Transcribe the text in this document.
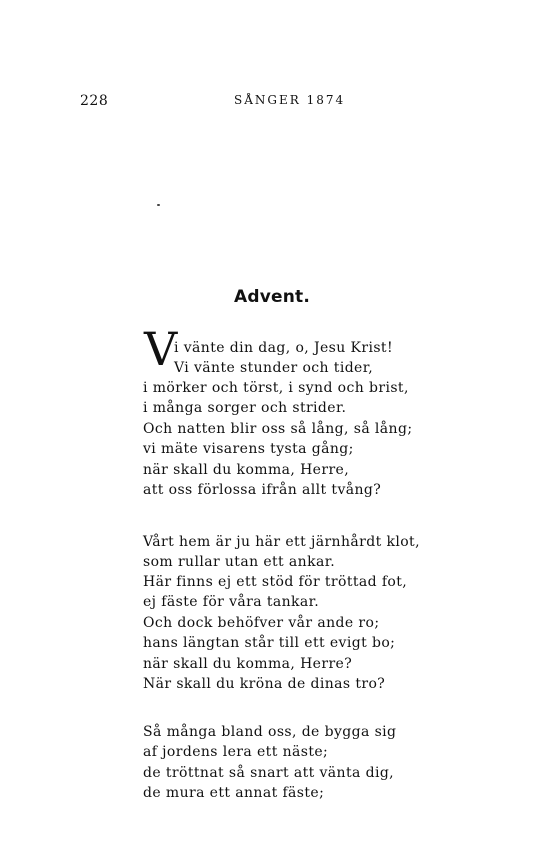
228	SÅNGER 1874
Advent.
V
i vänte din dag, o, Jesu Krist!
Vi vänte stunder och tider,
i mörker och törst, i synd och brist,
i många sorger och strider.
Och natten blir oss så lång, så lång;
vi mäte visarens tysta gång;
när skall du komma, Herre,
att oss förlossa ifrån allt tvång?
Vårt hem är ju här ett järnhårdt klot,
som rullar utan ett ankar.
Här finns ej ett stöd för tröttad fot,
ej fäste för våra tankar.
Och dock behöfver vår ande ro;
hans längtan står till ett evigt bo;
när skall du komma, Herre?
När skall du kröna de dinas tro?
Så många bland oss, de bygga sig
af jordens lera ett näste;
de tröttnat så snart att vänta dig,
de mura ett annat fäste;
